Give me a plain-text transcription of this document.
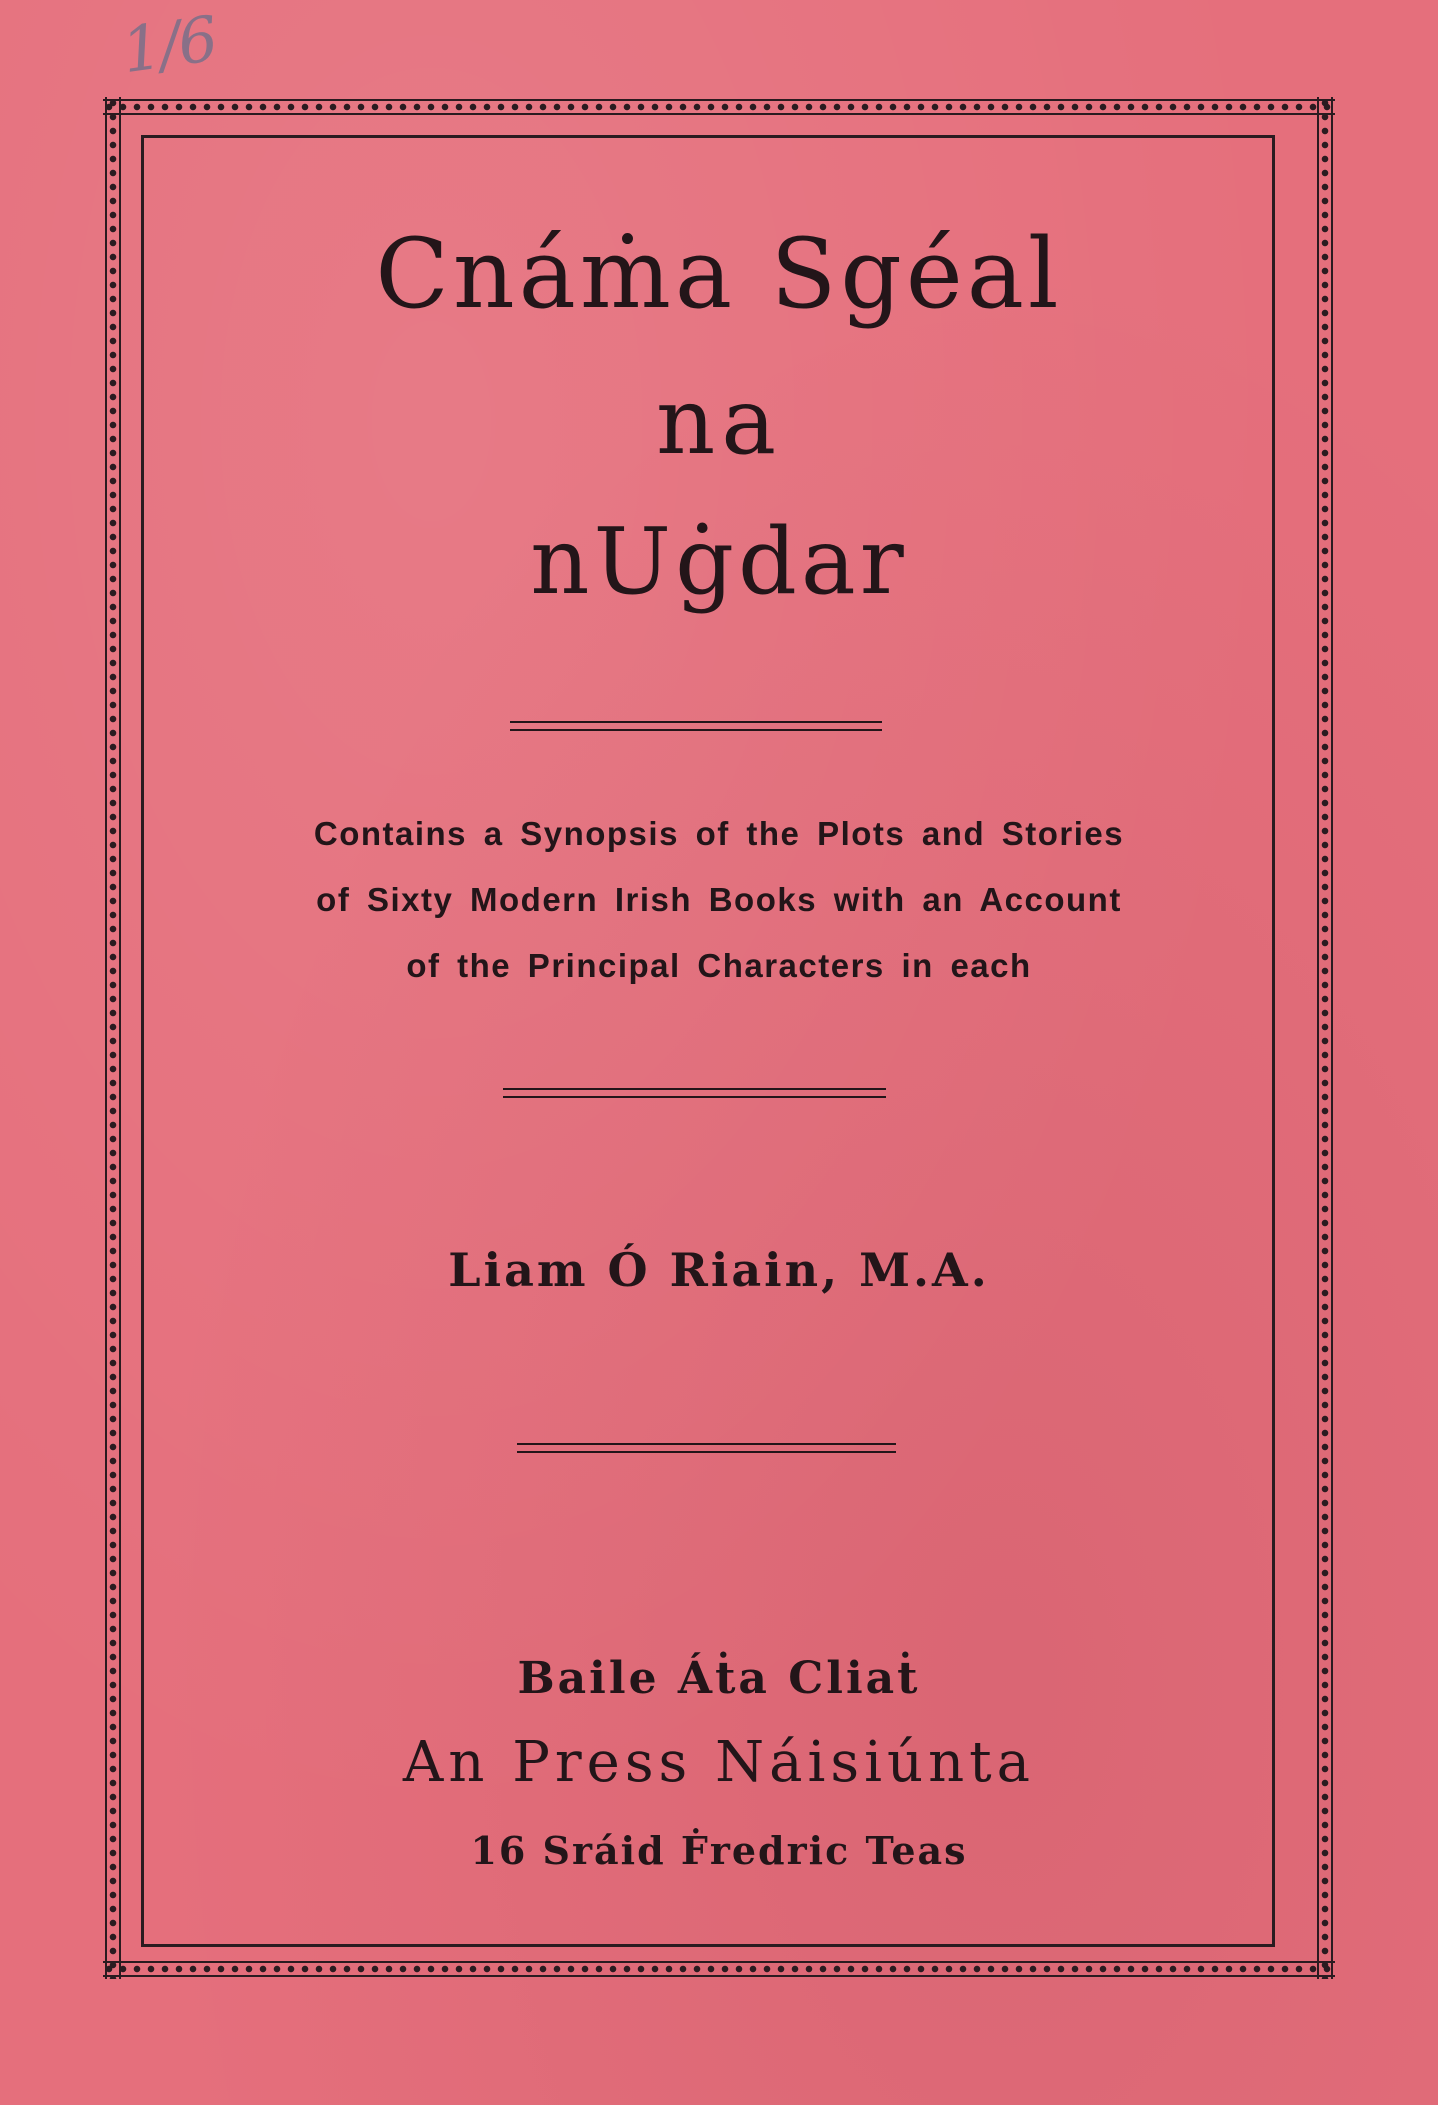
1/6
Cnáṁa Sgéal
na
nUġdar
Contains a Synopsis of the Plots and Stories
of Sixty Modern Irish Books with an Account
of the Principal Characters in each
Liam Ó Riain, M.A.
Baile Áṫa Cliaṫ
An Press Náisiúnta
16 Sráid Ḟredric Teas
